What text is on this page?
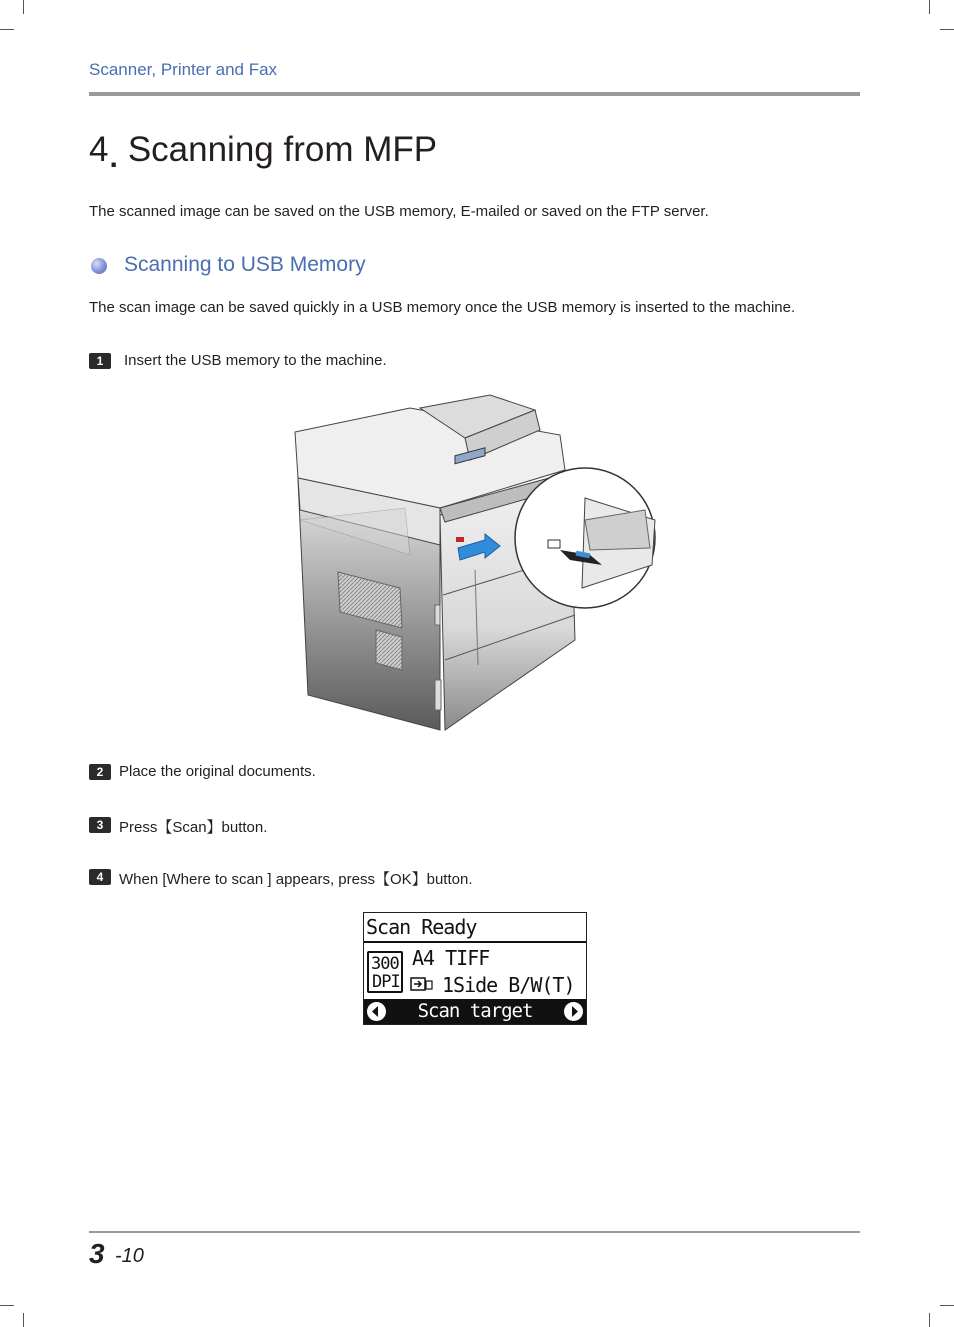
Scanner, Printer and Fax
4. Scanning from MFP
The scanned image can be saved on the USB memory, E-mailed or saved on the FTP server.
Scanning to USB Memory
The scan image can be saved quickly in a USB memory once the USB memory is inserted to the machine.
1	Insert the USB memory to the machine.
2	Place the original documents.
3	Press【Scan】button.
4	When [Where to scan ] appears, press【OK】button.
Scan Ready
300
DPI
A4 TIFF
1Side B/W(T)
Scan target
3 -10
